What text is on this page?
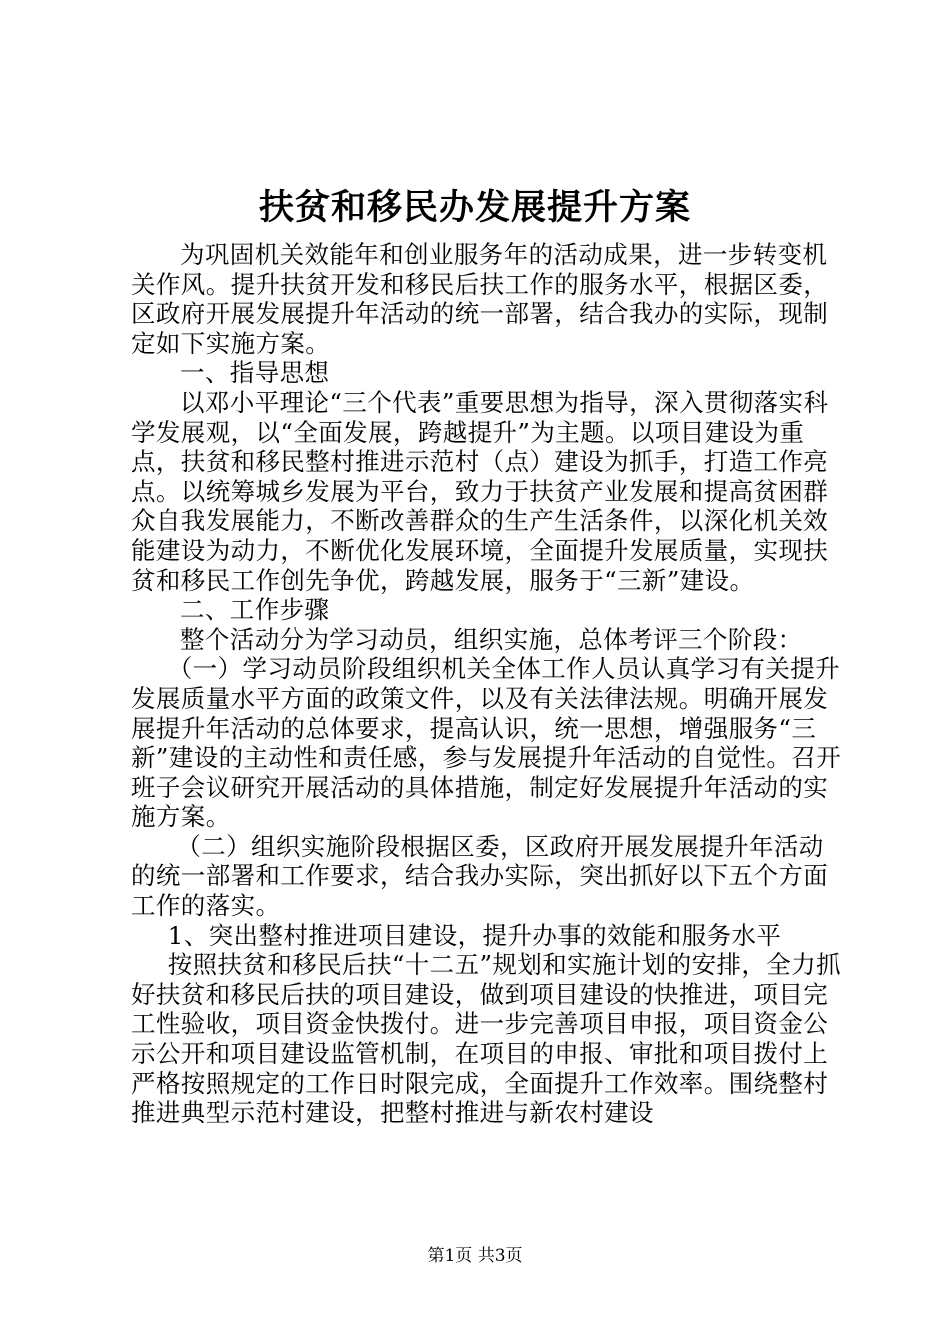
扶贫和移民办发展提升方案

为巩固机关效能年和创业服务年的活动成果，进一步转变机关作风。提升扶贫开发和移民后扶工作的服务水平，根据区委，区政府开展发展提升年活动的统一部署，结合我办的实际，现制定如下实施方案。

一、指导思想

以邓小平理论“三个代表”重要思想为指导，深入贯彻落实科学发展观，以“全面发展，跨越提升”为主题。以项目建设为重点，扶贫和移民整村推进示范村（点）建设为抓手，打造工作亮点。以统筹城乡发展为平台，致力于扶贫产业发展和提高贫困群众自我发展能力，不断改善群众的生产生活条件，以深化机关效能建设为动力，不断优化发展环境，全面提升发展质量，实现扶贫和移民工作创先争优，跨越发展，服务于“三新”建设。

二、工作步骤

整个活动分为学习动员，组织实施，总体考评三个阶段：

（一）学习动员阶段组织机关全体工作人员认真学习有关提升发展质量水平方面的政策文件，以及有关法律法规。明确开展发展提升年活动的总体要求，提高认识，统一思想，增强服务“三新”建设的主动性和责任感，参与发展提升年活动的自觉性。召开班子会议研究开展活动的具体措施，制定好发展提升年活动的实施方案。

（二）组织实施阶段根据区委，区政府开展发展提升年活动的统一部署和工作要求，结合我办实际，突出抓好以下五个方面工作的落实。

1、突出整村推进项目建设，提升办事的效能和服务水平

按照扶贫和移民后扶“十二五”规划和实施计划的安排，全力抓好扶贫和移民后扶的项目建设，做到项目建设的快推进，项目完工性验收，项目资金快拨付。进一步完善项目申报，项目资金公示公开和项目建设监管机制，在项目的申报、审批和项目拨付上严格按照规定的工作日时限完成，全面提升工作效率。围绕整村推进典型示范村建设，把整村推进与新农村建设

第1页 共3页
